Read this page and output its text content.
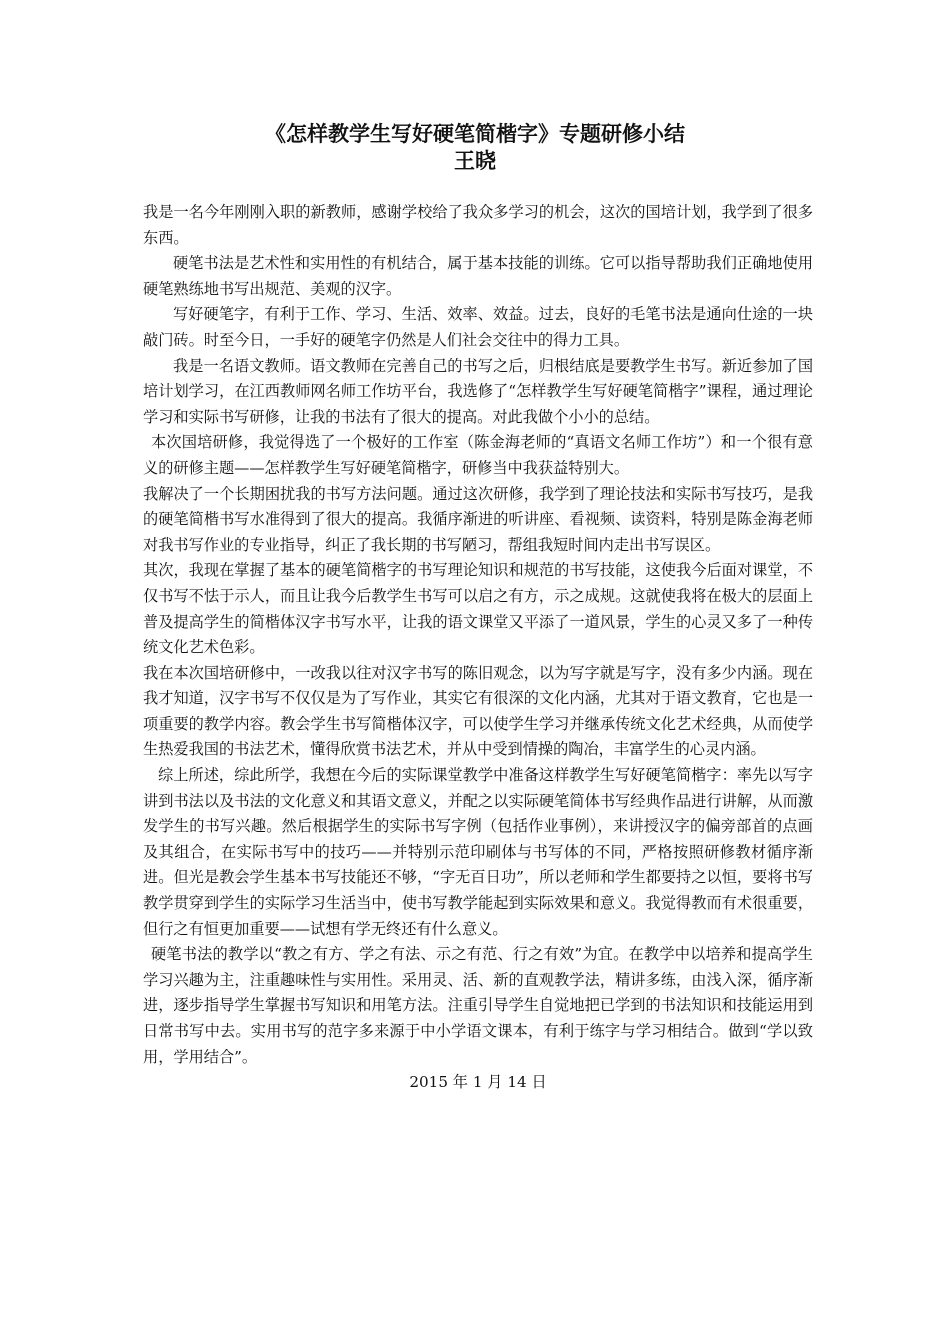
《怎样教学生写好硬笔简楷字》专题研修小结
王晓

我是一名今年刚刚入职的新教师，感谢学校给了我众多学习的机会，这次的国培计划，我学到了很多东西。

硬笔书法是艺术性和实用性的有机结合，属于基本技能的训练。它可以指导帮助我们正确地使用硬笔熟练地书写出规范、美观的汉字。

写好硬笔字，有利于工作、学习、生活、效率、效益。过去，良好的毛笔书法是通向仕途的一块敲门砖。时至今日，一手好的硬笔字仍然是人们社会交往中的得力工具。

我是一名语文教师。语文教师在完善自己的书写之后，归根结底是要教学生书写。新近参加了国培计划学习，在江西教师网名师工作坊平台，我选修了“怎样教学生写好硬笔简楷字”课程，通过理论学习和实际书写研修，让我的书法有了很大的提高。对此我做个小小的总结。

本次国培研修，我觉得选了一个极好的工作室（陈金海老师的“真语文名师工作坊”）和一个很有意义的研修主题——怎样教学生写好硬笔简楷字，研修当中我获益特别大。

我解决了一个长期困扰我的书写方法问题。通过这次研修，我学到了理论技法和实际书写技巧，是我的硬笔简楷书写水准得到了很大的提高。我循序渐进的听讲座、看视频、读资料，特别是陈金海老师对我书写作业的专业指导，纠正了我长期的书写陋习，帮组我短时间内走出书写误区。

其次，我现在掌握了基本的硬笔简楷字的书写理论知识和规范的书写技能，这使我今后面对课堂，不仅书写不怯于示人，而且让我今后教学生书写可以启之有方，示之成规。这就使我将在极大的层面上普及提高学生的简楷体汉字书写水平，让我的语文课堂又平添了一道风景，学生的心灵又多了一种传统文化艺术色彩。

我在本次国培研修中，一改我以往对汉字书写的陈旧观念，以为写字就是写字，没有多少内涵。现在我才知道，汉字书写不仅仅是为了写作业，其实它有很深的文化内涵，尤其对于语文教育，它也是一项重要的教学内容。教会学生书写简楷体汉字，可以使学生学习并继承传统文化艺术经典，从而使学生热爱我国的书法艺术，懂得欣赏书法艺术，并从中受到情操的陶冶，丰富学生的心灵内涵。

综上所述，综此所学，我想在今后的实际课堂教学中准备这样教学生写好硬笔简楷字：率先以写字讲到书法以及书法的文化意义和其语文意义，并配之以实际硬笔简体书写经典作品进行讲解，从而激发学生的书写兴趣。然后根据学生的实际书写字例（包括作业事例），来讲授汉字的偏旁部首的点画及其组合，在实际书写中的技巧——并特别示范印刷体与书写体的不同，严格按照研修教材循序渐进。但光是教会学生基本书写技能还不够，“字无百日功”，所以老师和学生都要持之以恒，要将书写教学贯穿到学生的实际学习生活当中，使书写教学能起到实际效果和意义。我觉得教而有术很重要，但行之有恒更加重要——试想有学无终还有什么意义。

硬笔书法的教学以“教之有方、学之有法、示之有范、行之有效”为宜。在教学中以培养和提高学生学习兴趣为主，注重趣味性与实用性。采用灵、活、新的直观教学法，精讲多练，由浅入深，循序渐进，逐步指导学生掌握书写知识和用笔方法。注重引导学生自觉地把已学到的书法知识和技能运用到日常书写中去。实用书写的范字多来源于中小学语文课本，有利于练字与学习相结合。做到“学以致用，学用结合”。

2015 年 1 月 14 日
